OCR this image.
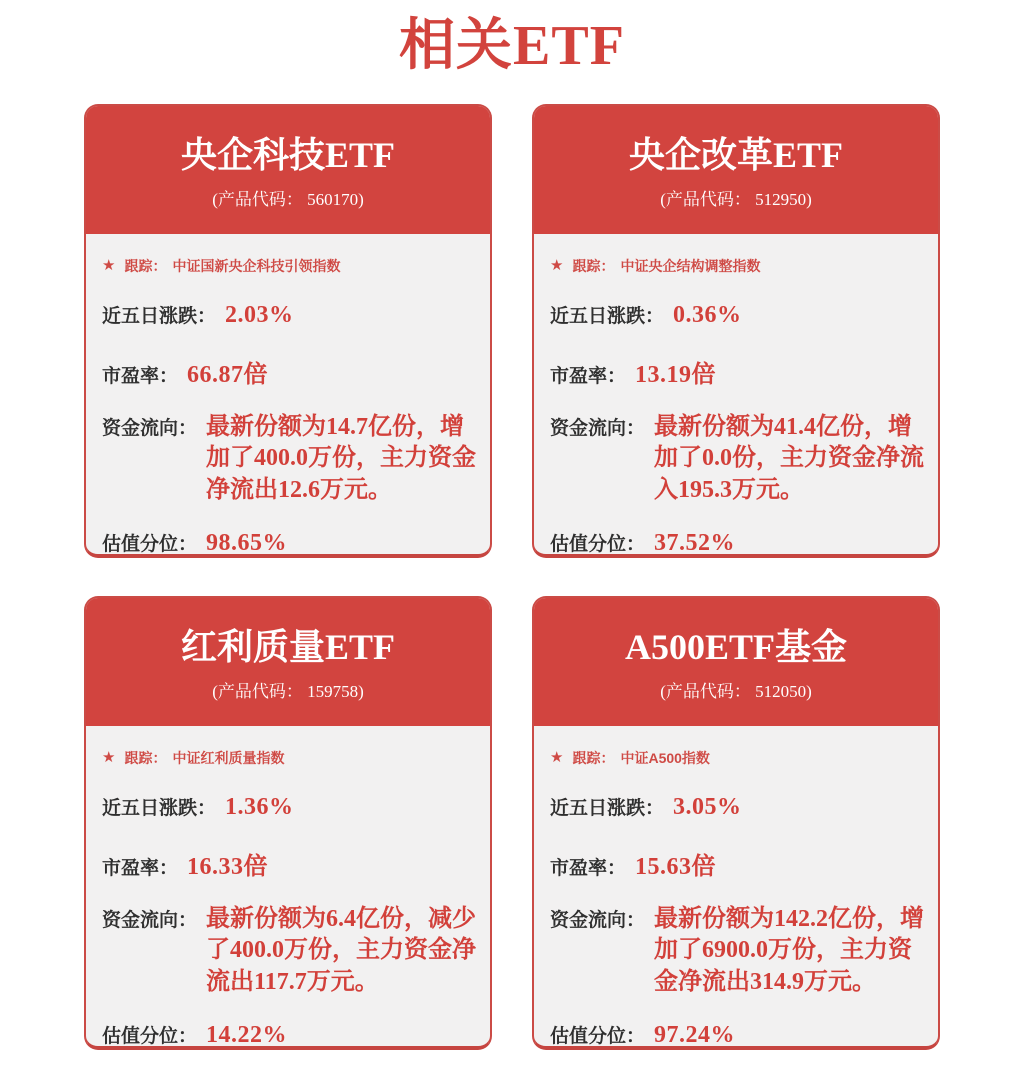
相关ETF
央企科技ETF
(产品代码： 560170)
★ 跟踪： 中证国新央企科技引领指数
近五日涨跌： 2.03%
市盈率： 66.87倍
资金流向： 最新份额为14.7亿份，增加了400.0万份，主力资金净流出12.6万元。
估值分位： 98.65%
央企改革ETF
(产品代码： 512950)
★ 跟踪： 中证央企结构调整指数
近五日涨跌： 0.36%
市盈率： 13.19倍
资金流向： 最新份额为41.4亿份，增加了0.0份，主力资金净流入195.3万元。
估值分位： 37.52%
红利质量ETF
(产品代码： 159758)
★ 跟踪： 中证红利质量指数
近五日涨跌： 1.36%
市盈率： 16.33倍
资金流向： 最新份额为6.4亿份，减少了400.0万份，主力资金净流出117.7万元。
估值分位： 14.22%
A500ETF基金
(产品代码： 512050)
★ 跟踪： 中证A500指数
近五日涨跌： 3.05%
市盈率： 15.63倍
资金流向： 最新份额为142.2亿份，增加了6900.0万份，主力资金净流出314.9万元。
估值分位： 97.24%
